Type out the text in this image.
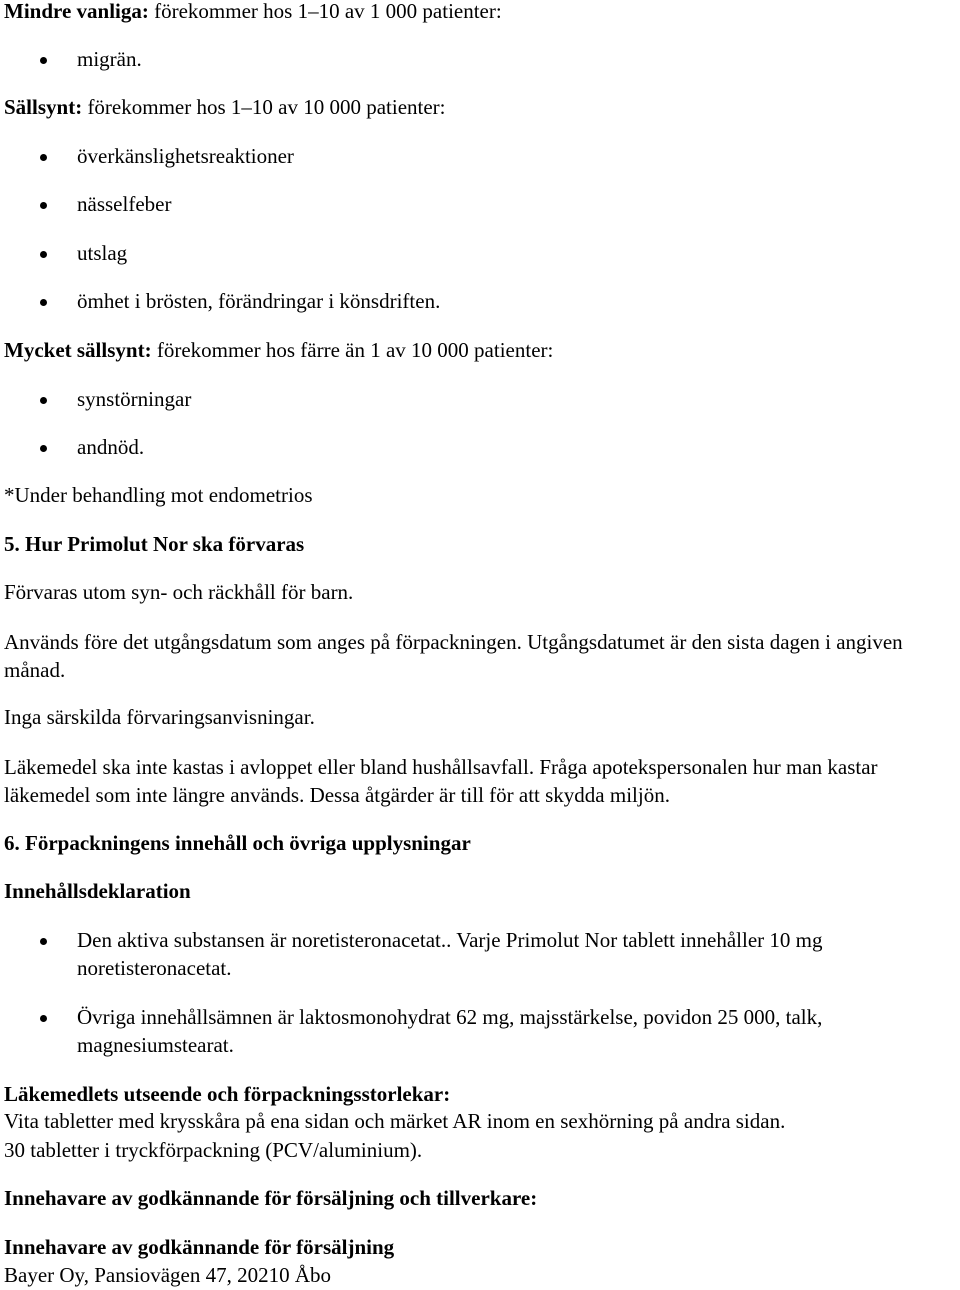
Mindre vanliga: förekommer hos 1–10 av 1 000 patienter:
migrän.
Sällsynt: förekommer hos 1–10 av 10 000 patienter:
överkänslighetsreaktioner
nässelfeber
utslag
ömhet i brösten, förändringar i könsdriften.
Mycket sällsynt: förekommer hos färre än 1 av 10 000 patienter:
synstörningar
andnöd.
*Under behandling mot endometrios
5. Hur Primolut Nor ska förvaras
Förvaras utom syn- och räckhåll för barn.
Används före det utgångsdatum som anges på förpackningen. Utgångsdatumet är den sista dagen i angiven månad.
Inga särskilda förvaringsanvisningar.
Läkemedel ska inte kastas i avloppet eller bland hushållsavfall. Fråga apotekspersonalen hur man kastar läkemedel som inte längre används. Dessa åtgärder är till för att skydda miljön.
6. Förpackningens innehåll och övriga upplysningar
Innehållsdeklaration
Den aktiva substansen är noretisteronacetat.. Varje Primolut Nor tablett innehåller 10 mg noretisteronacetat.
Övriga innehållsämnen är laktosmonohydrat 62 mg, majsstärkelse, povidon 25 000, talk, magnesiumstearat.
Läkemedlets utseende och förpackningsstorlekar:
Vita tabletter med krysskåra på ena sidan och märket AR inom en sexhörning på andra sidan.
30 tabletter i tryckförpackning (PCV/aluminium).
Innehavare av godkännande för försäljning och tillverkare:
Innehavare av godkännande för försäljning
Bayer Oy, Pansiovägen 47, 20210 Åbo
